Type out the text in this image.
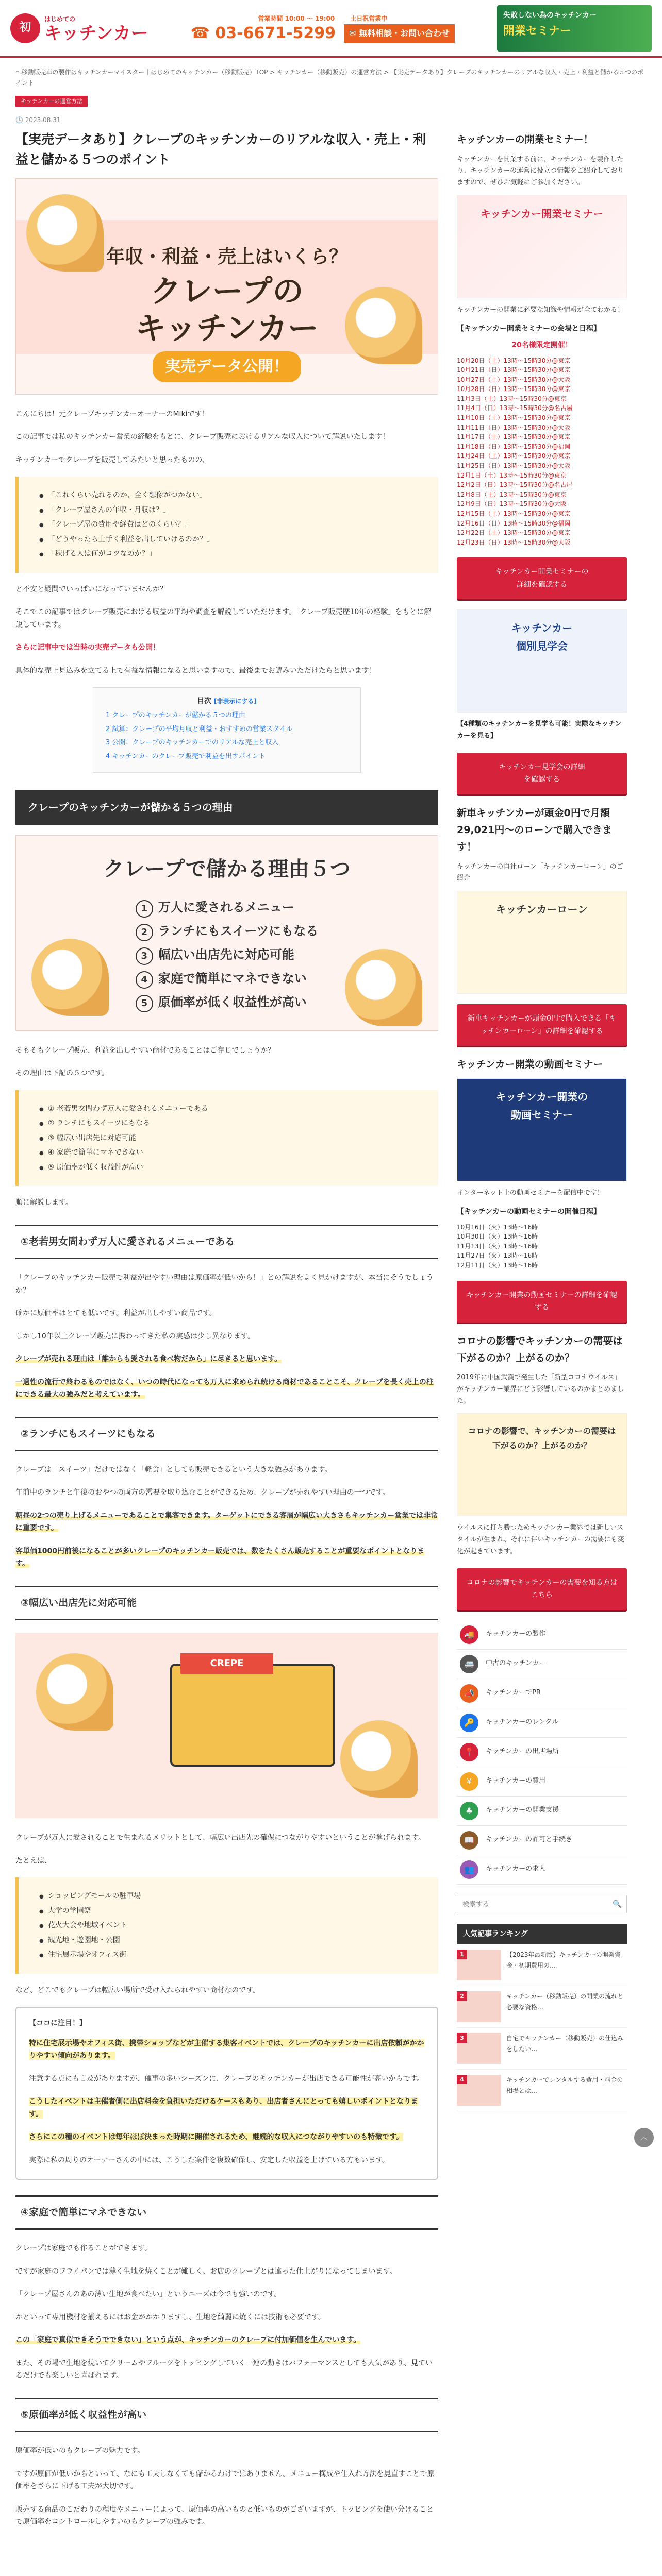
初
はじめての
キッチンカー
営業時間 10:00 ～ 19:00	土日祝営業中
☎ 03-6671-5299	✉ 無料相談・お問い合わせ
失敗しない為のキッチンカー
開業セミナー
⌂ 移動販売車の製作はキッチンカーマイスター｜はじめてのキッチンカー（移動販売）TOP > キッチンカー（移動販売）の運営方法 > 【実売データあり】クレープのキッチンカーのリアルな収入・売上・利益と儲かる５つのポイント
キッチンカーの運営方法
🕒 2023.08.31
【実売データあり】クレープのキッチンカーのリアルな収入・売上・利益と儲かる５つのポイント
年収・利益・売上はいくら？
クレープの
キッチンカー
実売データ公開！

こんにちは！元クレープキッチンカーオーナーのMikiです！

この記事では私のキッチンカー営業の経験をもとに、クレープ販売におけるリアルな収入について解説いたします！

キッチンカーでクレープを販売してみたいと思ったものの、

● 「これくらい売れるのか、全く想像がつかない」
● 「クレープ屋さんの年収・月収は？」
● 「クレープ屋の費用や経費はどのくらい？」
● 「どうやったら上手く利益を出していけるのか？」
● 「稼げる人は何がコツなのか？」

と不安と疑問でいっぱいになっていませんか？

そこでこの記事ではクレープ販売における収益の平均や調査を解説していただけます。「クレープ販売歴10年の経験」をもとに解説しています。

さらに記事中では当時の実売データも公開！

具体的な売上見込みを立てる上で有益な情報になると思いますので、最後までお読みいただけたらと思います！

目次 [非表示にする]
1 クレープのキッチンカーが儲かる５つの理由
2 試算：クレープの平均月収と利益・おすすめの営業スタイル
3 公開：クレープのキッチンカーでのリアルな売上と収入
4 キッチンカーのクレープ販売で利益を出すポイント
クレープのキッチンカーが儲かる５つの理由
クレープで儲かる理由５つ
1 万人に愛されるメニュー
2 ランチにもスイーツにもなる
3 幅広い出店先に対応可能
4 家庭で簡単にマネできない
5 原価率が低く収益性が高い

そもそもクレープ販売、利益を出しやすい商材であることはご存じでしょうか？

その理由は下記の５つです。

● ① 老若男女問わず万人に愛されるメニューである
● ② ランチにもスイーツにもなる
● ③ 幅広い出店先に対応可能
● ④ 家庭で簡単にマネできない
● ⑤ 原価率が低く収益性が高い

順に解説します。

①老若男女問わず万人に愛されるメニューである

「クレープのキッチンカー販売で利益が出やすい理由は原価率が低いから！」との解説をよく見かけますが、本当にそうでしょうか？

確かに原価率はとても低いです。利益が出しやすい商品です。

しかし10年以上クレープ販売に携わってきた私の実感は少し異なります。

クレープが売れる理由は「誰からも愛される食べ物だから」に尽きると思います。

一過性の流行で終わるものではなく、いつの時代になっても万人に求められ続ける商材であることこそ、クレープを長く売上の柱にできる最大の強みだと考えています。

②ランチにもスイーツにもなる

クレープは「スイーツ」だけではなく「軽食」としても販売できるという大きな強みがあります。

午前中のランチと午後のおやつの両方の需要を取り込むことができるため、クレープが売れやすい理由の一つです。

朝昼の2つの売り上げるメニューであることで集客できます。ターゲットにできる客層が幅広い大きさもキッチンカー営業では非常に重要です。

客単価1000円前後になることが多いクレープのキッチンカー販売では、数をたくさん販売することが重要なポイントとなります。

③幅広い出店先に対応可能
CREPE

クレープが万人に愛されることで生まれるメリットとして、幅広い出店先の確保につながりやすいということが挙げられます。

たとえば、

● ショッピングモールの駐車場
● 大学の学園祭
● 花火大会や地域イベント
● 観光地・遊園地・公園
● 住宅展示場やオフィス街

など、どこでもクレープは幅広い場所で受け入れられやすい商材なのです。

【ココに注目！】

特に住宅展示場やオフィス街、携帯ショップなどが主催する集客イベントでは、クレープのキッチンカーに出店依頼がかかりやすい傾向があります。

注意する点にも言及がありますが、催事の多いシーズンに、クレープのキッチンカーが出店できる可能性が高いからです。

こうしたイベントは主催者側に出店料金を負担いただけるケースもあり、出店者さんにとっても嬉しいポイントとなります。

さらにこの種のイベントは毎年ほぼ決まった時期に開催されるため、継続的な収入につながりやすいのも特徴です。

実際に私の周りのオーナーさんの中には、こうした案件を複数確保し、安定した収益を上げている方もいます。

④家庭で簡単にマネできない

クレープは家庭でも作ることができます。

ですが家庭のフライパンでは薄く生地を焼くことが難しく、お店のクレープとは違った仕上がりになってしまいます。

「クレープ屋さんのあの薄い生地が食べたい」というニーズは今でも強いのです。

かといって専用機材を揃えるにはお金がかかりますし、生地を綺麗に焼くには技術も必要です。

この「家庭で真似できそうでできない」という点が、キッチンカーのクレープに付加価値を生んでいます。

また、その場で生地を焼いてクリームやフルーツをトッピングしていく一連の動きはパフォーマンスとしても人気があり、見ているだけでも楽しいと喜ばれます。

⑤原価率が低く収益性が高い

原価率が低いのもクレープの魅力です。

ですが原価が低いからといって、なにも工夫しなくても儲かるわけではありません。メニュー構成や仕入れ方法を見直すことで原価率をさらに下げる工夫が大切です。

販売する商品のこだわりの程度やメニューによって、原価率の高いものと低いものがございますが、トッピングを使い分けることで原価率をコントロールしやすいのもクレープの強みです。

キッチンカーの開業セミナー！

キッチンカーを開業する前に、キッチンカーを製作したり、キッチンカーの運営に役立つ情報をご紹介しておりますので、ぜひお気軽にご参加ください。

キッチンカー開業セミナー

キッチンカーの開業に必要な知識や情報が全てわかる！

【キッチンカー開業セミナーの会場と日程】
20名様限定開催！
10月20日（土）13時〜15時30分@東京
10月21日（日）13時〜15時30分@東京
10月27日（土）13時〜15時30分@大阪
10月28日（日）13時〜15時30分@東京
11月3日（土）13時〜15時30分@東京
11月4日（日）13時〜15時30分@名古屋
11月10日（土）13時〜15時30分@東京
11月11日（日）13時〜15時30分@大阪
11月17日（土）13時〜15時30分@東京
11月18日（日）13時〜15時30分@福岡
11月24日（土）13時〜15時30分@東京
11月25日（日）13時〜15時30分@大阪
12月1日（土）13時〜15時30分@東京
12月2日（日）13時〜15時30分@名古屋
12月8日（土）13時〜15時30分@東京
12月9日（日）13時〜15時30分@大阪
12月15日（土）13時〜15時30分@東京
12月16日（日）13時〜15時30分@福岡
12月22日（土）13時〜15時30分@東京
12月23日（日）13時〜15時30分@大阪
キッチンカー開業セミナーの
詳細を確認する
キッチンカー
個別見学会

【4種類のキッチンカーを見学も可能！実際なキッチンカーを見る】

キッチンカー見学会の詳細
を確認する
新車キッチンカーが頭金0円で月額29,021円〜のローンで購入できます！

キッチンカーの自社ローン「キッチンカーローン」のご紹介

キッチンカーローン
新車キッチンカーが頭金0円で購入できる「キッチンカーローン」の詳細を確認する
キッチンカー開業の動画セミナー
キッチンカー開業の
動画セミナー

インターネット上の動画セミナーを配信中です！

【キッチンカーの動画セミナーの開催日程】
10月16日（火）13時〜16時
10月30日（火）13時〜16時
11月13日（火）13時〜16時
11月27日（火）13時〜16時
12月11日（火）13時〜16時
キッチンカー開業の動画セミナーの詳細を確認する
コロナの影響でキッチンカーの需要は下がるのか？上がるのか？

2019年に中国武漢で発生した「新型コロナウイルス」がキッチンカー業界にどう影響しているのかまとめました。

コロナの影響で、キッチンカーの需要は下がるのか？上がるのか？

ウイルスに打ち勝つためキッチンカー業界では新しいスタイルが生まれ、それに伴いキッチンカーの需要にも変化が起きています。

コロナの影響でキッチンカーの需要を知る方はこちら
🚚	キッチンカーの製作
🚐	中古のキッチンカー
📣	キッチンカーでPR
🔑	キッチンカーのレンタル
📍	キッチンカーの出店場所
¥	キッチンカーの費用
♣	キッチンカーの開業支援
📖	キッチンカーの許可と手続き
👥	キッチンカーの求人
検索する
🔍
人気記事ランキング
1	【2023年最新版】キッチンカーの開業資金・初期費用の…
2	キッチンカー（移動販売）の開業の流れと必要な資格…
3	自宅でキッチンカー（移動販売）の仕込みをしたい…
4	キッチンカーでレンタルする費用・料金の相場とは…
︿
